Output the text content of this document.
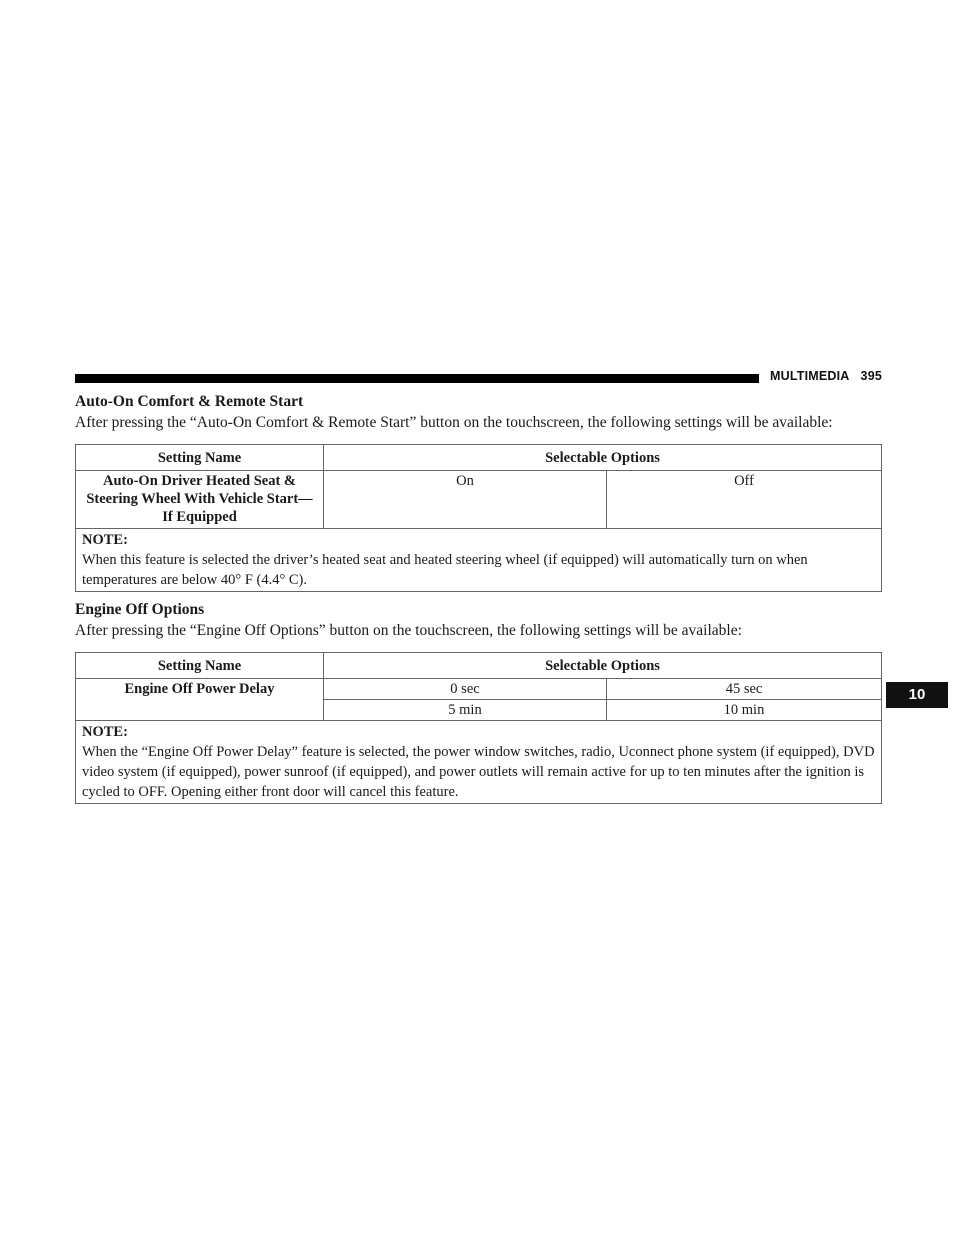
MULTIMEDIA 395
10
Auto-On Comfort & Remote Start

After pressing the “Auto-On Comfort & Remote Start” button on the touchscreen, the following settings will be available:

Setting Name	Selectable Options	
Auto-On Driver Heated Seat & Steering Wheel With Vehicle Start— If Equipped	On	Off

NOTE:
When this feature is selected the driver’s heated seat and heated steering wheel (if equipped) will automatically turn on when temperatures are below 40° F (4.4° C).		
Engine Off Options

After pressing the “Engine Off Options” button on the touchscreen, the following settings will be available:

Setting Name	Selectable Options	
Engine Off Power Delay	0 sec	45 sec
	5 min	10 min

NOTE:
When the “Engine Off Power Delay” feature is selected, the power window switches, radio, Uconnect phone system (if equipped), DVD video system (if equipped), power sunroof (if equipped), and power outlets will remain active for up to ten minutes after the ignition is cycled to OFF. Opening either front door will cancel this feature.		
